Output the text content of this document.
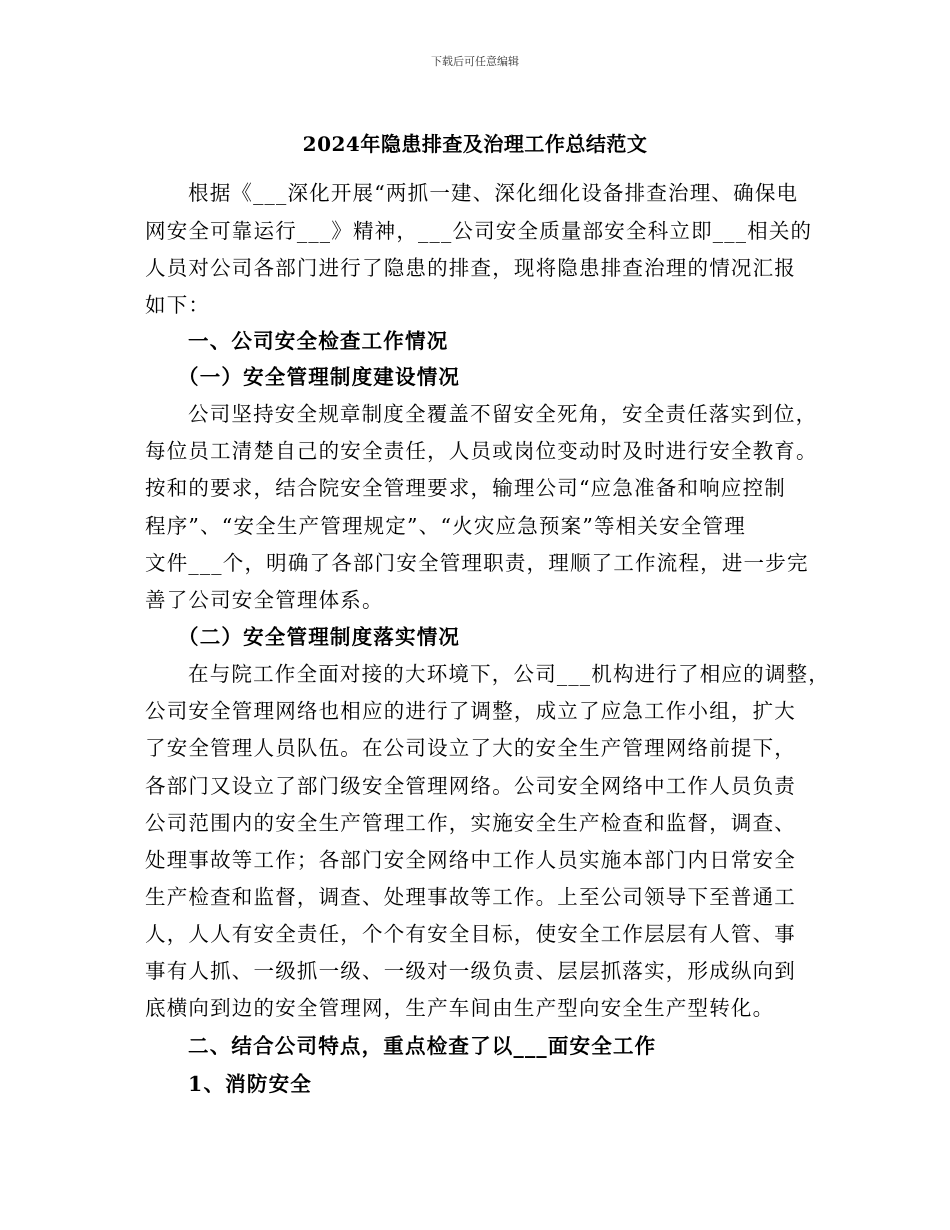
下载后可任意编辑
2024年隐患排查及治理工作总结范文
根据《___深化开展“两抓一建、深化细化设备排查治理、确保电
网安全可靠运行___》精神，___公司安全质量部安全科立即___相关的
人员对公司各部门进行了隐患的排查，现将隐患排查治理的情况汇报
如下：
一、公司安全检查工作情况
（一）安全管理制度建设情况
公司坚持安全规章制度全覆盖不留安全死角，安全责任落实到位，
每位员工清楚自己的安全责任，人员或岗位变动时及时进行安全教育。
按和的要求，结合院安全管理要求，输理公司“应急准备和响应控制
程序”、“安全生产管理规定”、“火灾应急预案”等相关安全管理
文件___个，明确了各部门安全管理职责，理顺了工作流程，进一步完
善了公司安全管理体系。
（二）安全管理制度落实情况
在与院工作全面对接的大环境下，公司___机构进行了相应的调整，
公司安全管理网络也相应的进行了调整，成立了应急工作小组，扩大
了安全管理人员队伍。在公司设立了大的安全生产管理网络前提下，
各部门又设立了部门级安全管理网络。公司安全网络中工作人员负责
公司范围内的安全生产管理工作，实施安全生产检查和监督，调查、
处理事故等工作；各部门安全网络中工作人员实施本部门内日常安全
生产检查和监督，调查、处理事故等工作。上至公司领导下至普通工
人，人人有安全责任，个个有安全目标，使安全工作层层有人管、事
事有人抓、一级抓一级、一级对一级负责、层层抓落实，形成纵向到
底横向到边的安全管理网，生产车间由生产型向安全生产型转化。
二、结合公司特点，重点检查了以___面安全工作
1、消防安全
